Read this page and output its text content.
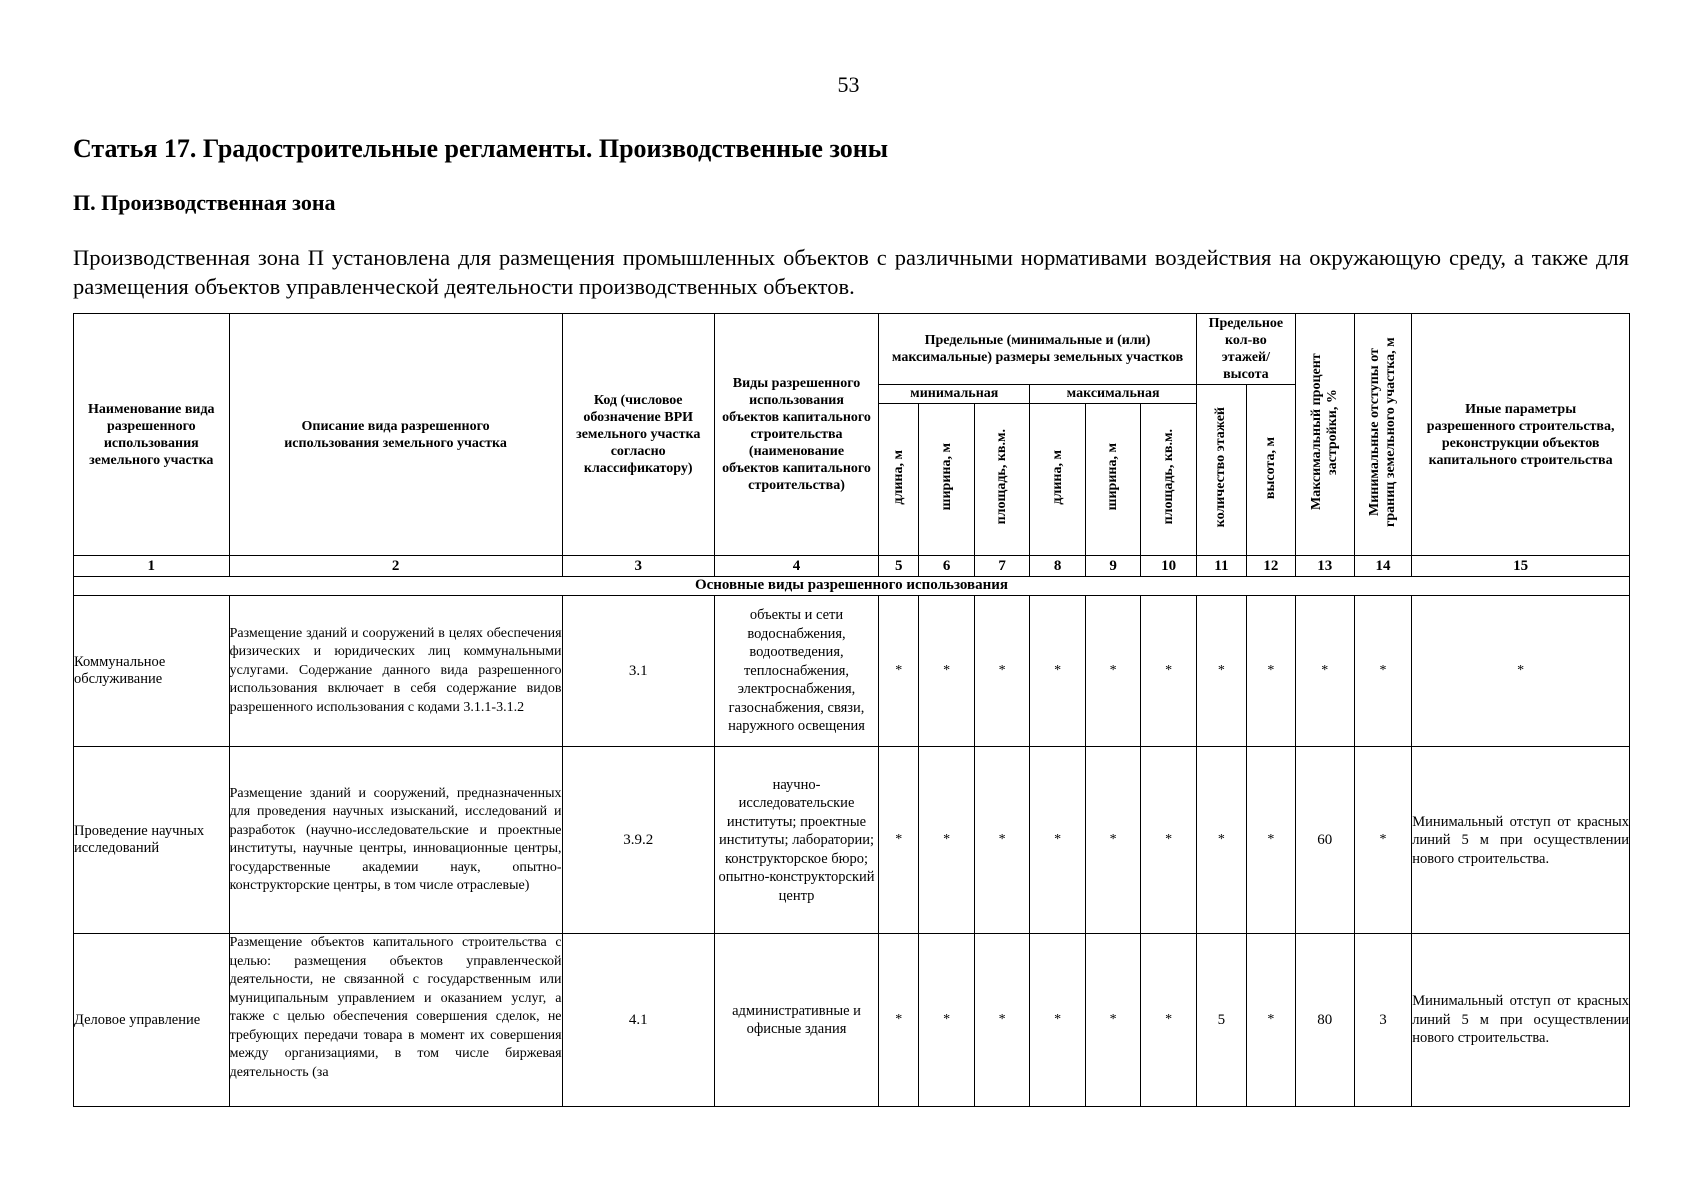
53
Статья 17. Градостроительные регламенты. Производственные зоны
П. Производственная зона
Производственная зона П установлена для размещения промышленных объектов с различными нормативами воздействия на окружающую среду, а также для размещения объектов управленческой деятельности производственных объектов.
Наименование вида разрешенного использования земельного участка	Описание вида разрешенного использования земельного участка	Код (числовое обозначение ВРИ земельного участка согласно классификатору)	Виды разрешенного использования объектов капитального строительства (наименование объектов капитального строительства)	Предельные (минимальные и (или) максимальные) размеры земельных участков						Предельное кол-во этажей/ высота		Максимальный процент застройки, %	Минимальные отступы от границ земельного участка, м	Иные параметры разрешенного строительства, реконструкции объектов капитального строительства
				минимальная			максимальная			количество этажей	высота, м			
				длина, м	ширина, м	площадь, кв.м.	длина, м	ширина, м	площадь, кв.м.					
1	2	3	4	5	6	7	8	9	10	11	12	13	14	15
Основные виды разрешенного использования														
Коммунальное обслуживание	Размещение зданий и сооружений в целях обеспечения физических и юридических лиц коммунальными услугами. Содержание данного вида разрешенного использования включает в себя содержание видов разрешенного использования с кодами 3.1.1-3.1.2	3.1	объекты и сети водоснабжения, водоотведения, теплоснабжения, электроснабжения, газоснабжения, связи, наружного освещения	*	*	*	*	*	*	*	*	*	*	*
Проведение научных исследований	Размещение зданий и сооружений, предназначенных для проведения научных изысканий, исследований и разработок (научно-исследовательские и проектные институты, научные центры, инновационные центры, государственные академии наук, опытно-конструкторские центры, в том числе отраслевые)	3.9.2	научно-исследовательские институты; проектные институты; лаборатории; конструкторское бюро; опытно-конструкторский центр	*	*	*	*	*	*	*	*	60	*	Минимальный отступ от красных линий 5 м при осуществлении нового строительства.
Деловое управление	Размещение объектов капитального строительства с целью: размещения объектов управленческой деятельности, не связанной с государственным или муниципальным управлением и оказанием услуг, а также с целью обеспечения совершения сделок, не требующих передачи товара в момент их совершения между организациями, в том числе биржевая деятельность (за	4.1	административные и офисные здания	*	*	*	*	*	*	5	*	80	3	Минимальный отступ от красных линий 5 м при осуществлении нового строительства.
